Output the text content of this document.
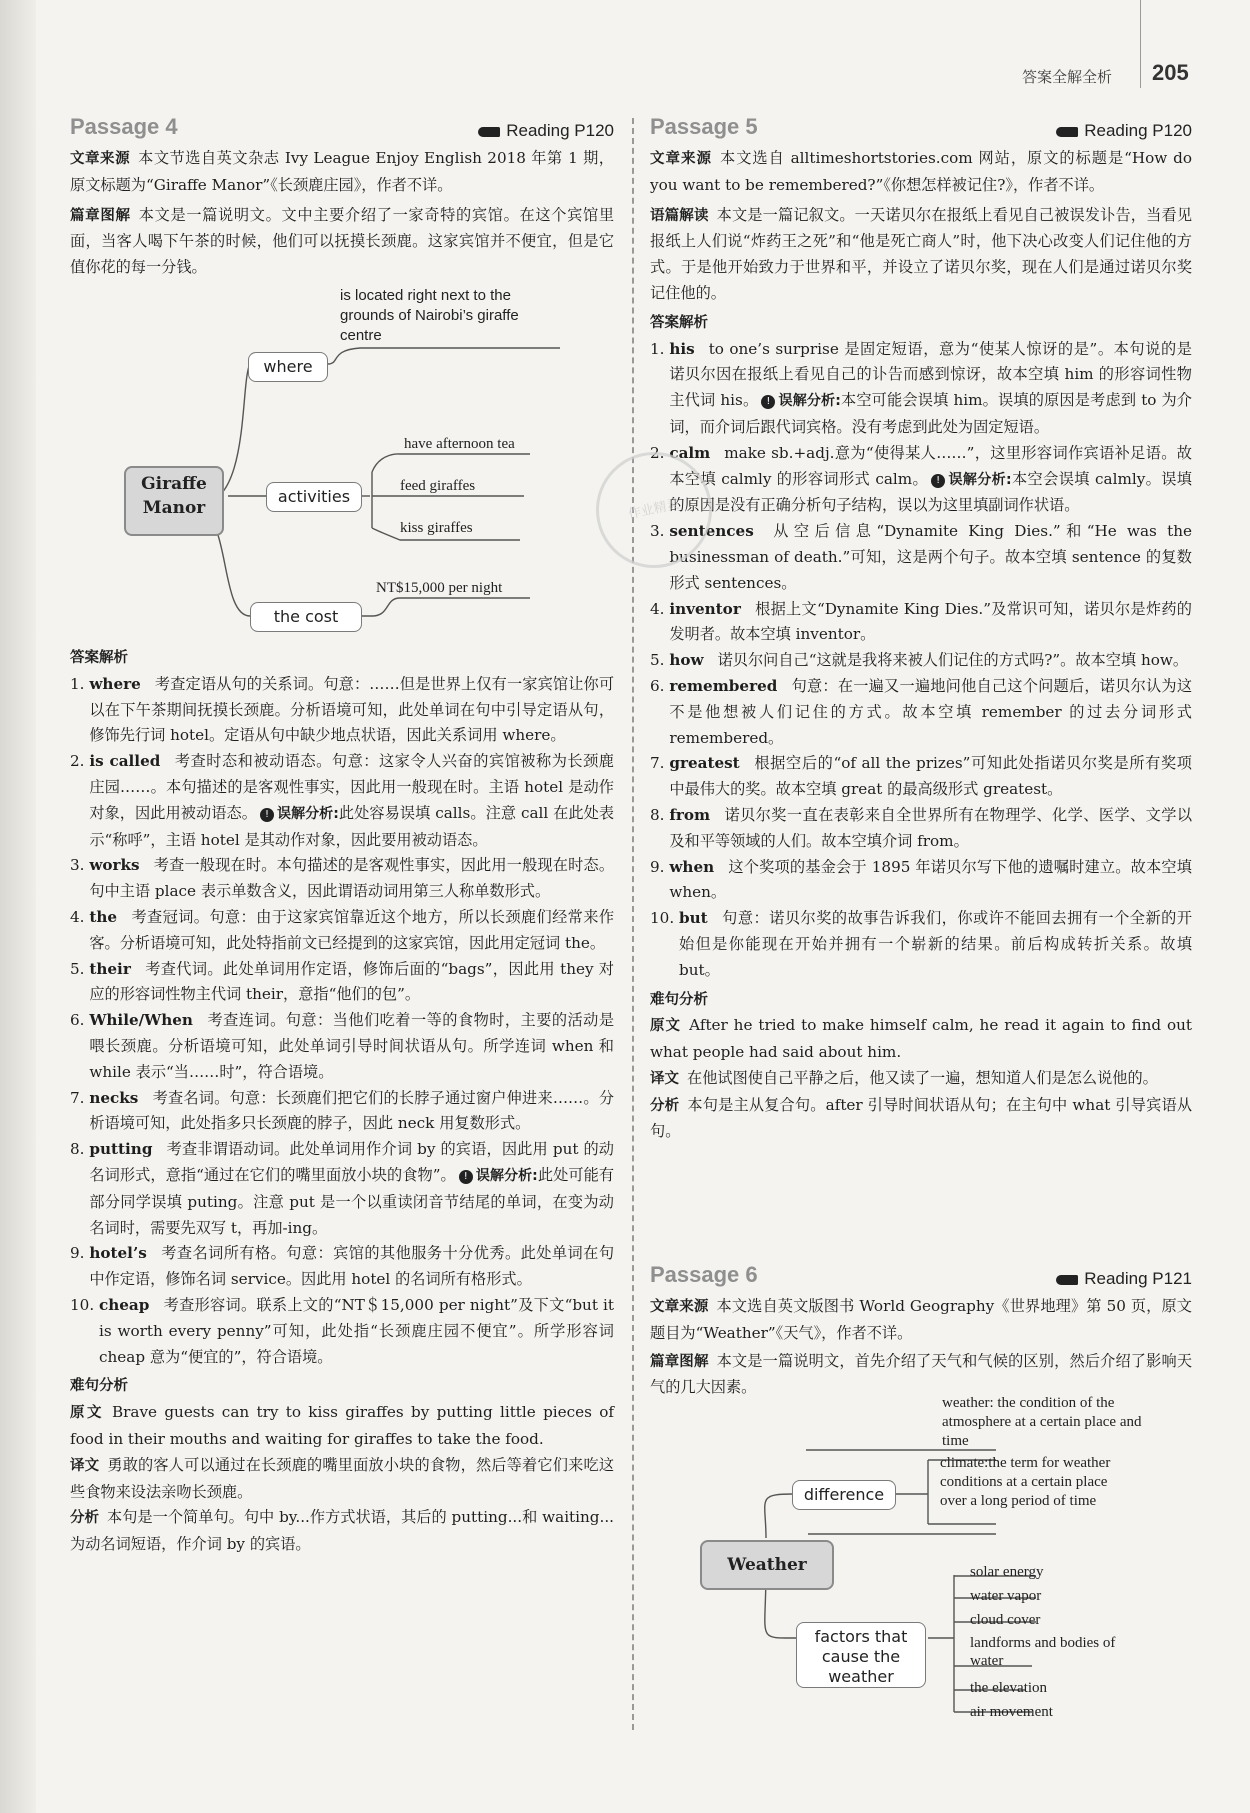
答案全解全析 205
Passage 4	Reading P120

文章来源 本文节选自英文杂志 Ivy League Enjoy English 2018 年第 1 期，原文标题为“Giraffe Manor”《长颈鹿庄园》，作者不详。

篇章图解 本文是一篇说明文。文中主要介绍了一家奇特的宾馆。在这个宾馆里面，当客人喝下午茶的时候，他们可以抚摸长颈鹿。这家宾馆并不便宜，但是它值你花的每一分钱。

Giraffe Manor
where
is located right next to the grounds of Nairobi’s giraffe centre
activities
have afternoon tea
feed giraffes
kiss giraffes
the cost
NT$15,000 per night
答案解析
1.
where 考查定语从句的关系词。句意：……但是世界上仅有一家宾馆让你可以在下午茶期间抚摸长颈鹿。分析语境可知，此处单词在句中引导定语从句，修饰先行词 hotel。定语从句中缺少地点状语，因此关系词用 where。
2.
is called 考查时态和被动语态。句意：这家令人兴奋的宾馆被称为长颈鹿庄园……。本句描述的是客观性事实，因此用一般现在时。主语 hotel 是动作对象，因此用被动语态。 ! 误解分析:此处容易误填 calls。注意 call 在此处表示“称呼”，主语 hotel 是其动作对象，因此要用被动语态。
3.
works 考查一般现在时。本句描述的是客观性事实，因此用一般现在时态。句中主语 place 表示单数含义，因此谓语动词用第三人称单数形式。
4.
the 考查冠词。句意：由于这家宾馆靠近这个地方，所以长颈鹿们经常来作客。分析语境可知，此处特指前文已经提到的这家宾馆，因此用定冠词 the。
5.
their 考查代词。此处单词用作定语，修饰后面的“bags”，因此用 they 对应的形容词性物主代词 their，意指“他们的包”。
6.
While/When 考查连词。句意：当他们吃着一等的食物时，主要的活动是喂长颈鹿。分析语境可知，此处单词引导时间状语从句。所学连词 when 和 while 表示“当……时”，符合语境。
7.
necks 考查名词。句意：长颈鹿们把它们的长脖子通过窗户伸进来……。分析语境可知，此处指多只长颈鹿的脖子，因此 neck 用复数形式。
8.
putting 考查非谓语动词。此处单词用作介词 by 的宾语，因此用 put 的动名词形式，意指“通过在它们的嘴里面放小块的食物”。 ! 误解分析:此处可能有部分同学误填 puting。注意 put 是一个以重读闭音节结尾的单词，在变为动名词时，需要先双写 t，再加-ing。
9.
hotel’s 考查名词所有格。句意：宾馆的其他服务十分优秀。此处单词在句中作定语，修饰名词 service。因此用 hotel 的名词所有格形式。
10.
cheap 考查形容词。联系上文的“NT＄15,000 per night”及下文“but it is worth every penny”可知，此处指“长颈鹿庄园不便宜”。所学形容词 cheap 意为“便宜的”，符合语境。
难句分析

原文 Brave guests can try to kiss giraffes by putting little pieces of food in their mouths and waiting for giraffes to take the food.

译文 勇敢的客人可以通过在长颈鹿的嘴里面放小块的食物，然后等着它们来吃这些食物来设法亲吻长颈鹿。

分析 本句是一个简单句。句中 by...作方式状语，其后的 putting...和 waiting...为动名词短语，作介词 by 的宾语。

Passage 5	Reading P120

文章来源 本文选自 alltimeshortstories.com 网站，原文的标题是“How do you want to be remembered?”《你想怎样被记住?》，作者不详。

语篇解读 本文是一篇记叙文。一天诺贝尔在报纸上看见自己被误发讣告，当看见报纸上人们说“炸药王之死”和“他是死亡商人”时，他下决心改变人们记住他的方式。于是他开始致力于世界和平，并设立了诺贝尔奖，现在人们是通过诺贝尔奖记住他的。

答案解析
1.
his to one’s surprise 是固定短语，意为“使某人惊讶的是”。本句说的是诺贝尔因在报纸上看见自己的讣告而感到惊讶，故本空填 him 的形容词性物主代词 his。 ! 误解分析:本空可能会误填 him。误填的原因是考虑到 to 为介词，而介词后跟代词宾格。没有考虑到此处为固定短语。
2.
calm make sb.+adj.意为“使得某人……”，这里形容词作宾语补足语。故本空填 calmly 的形容词形式 calm。 ! 误解分析:本空会误填 calmly。误填的原因是没有正确分析句子结构，误以为这里填副词作状语。
3.
sentences 从空后信息“Dynamite King Dies.”和“He was the businessman of death.”可知，这是两个句子。故本空填 sentence 的复数形式 sentences。
4.
inventor 根据上文“Dynamite King Dies.”及常识可知，诺贝尔是炸药的发明者。故本空填 inventor。
5.
how 诺贝尔问自己“这就是我将来被人们记住的方式吗?”。故本空填 how。
6.
remembered 句意：在一遍又一遍地问他自己这个问题后，诺贝尔认为这不是他想被人们记住的方式。故本空填 remember 的过去分词形式 remembered。
7.
greatest 根据空后的“of all the prizes”可知此处指诺贝尔奖是所有奖项中最伟大的奖。故本空填 great 的最高级形式 greatest。
8.
from 诺贝尔奖一直在表彰来自全世界所有在物理学、化学、医学、文学以及和平等领域的人们。故本空填介词 from。
9.
when 这个奖项的基金会于 1895 年诺贝尔写下他的遗嘱时建立。故本空填 when。
10.
but 句意：诺贝尔奖的故事告诉我们，你或许不能回去拥有一个全新的开始但是你能现在开始并拥有一个崭新的结果。前后构成转折关系。故填 but。
难句分析

原文 After he tried to make himself calm, he read it again to find out what people had said about him.

译文 在他试图使自己平静之后，他又读了一遍，想知道人们是怎么说他的。

分析 本句是主从复合句。after 引导时间状语从句；在主句中 what 引导宾语从句。

Passage 6	Reading P121

文章来源 本文选自英文版图书 World Geography《世界地理》第 50 页，原文题目为“Weather”《天气》，作者不详。

篇章图解 本文是一篇说明文，首先介绍了天气和气候的区别，然后介绍了影响天气的几大因素。

Weather
difference
weather: the condition of the atmosphere at a certain place and time
climate:the term for weather conditions at a certain place over a long period of time
factors that cause the weather
solar energy
water vapor
cloud cover
landforms and bodies of water
the elevation
air movement
作业精灵
